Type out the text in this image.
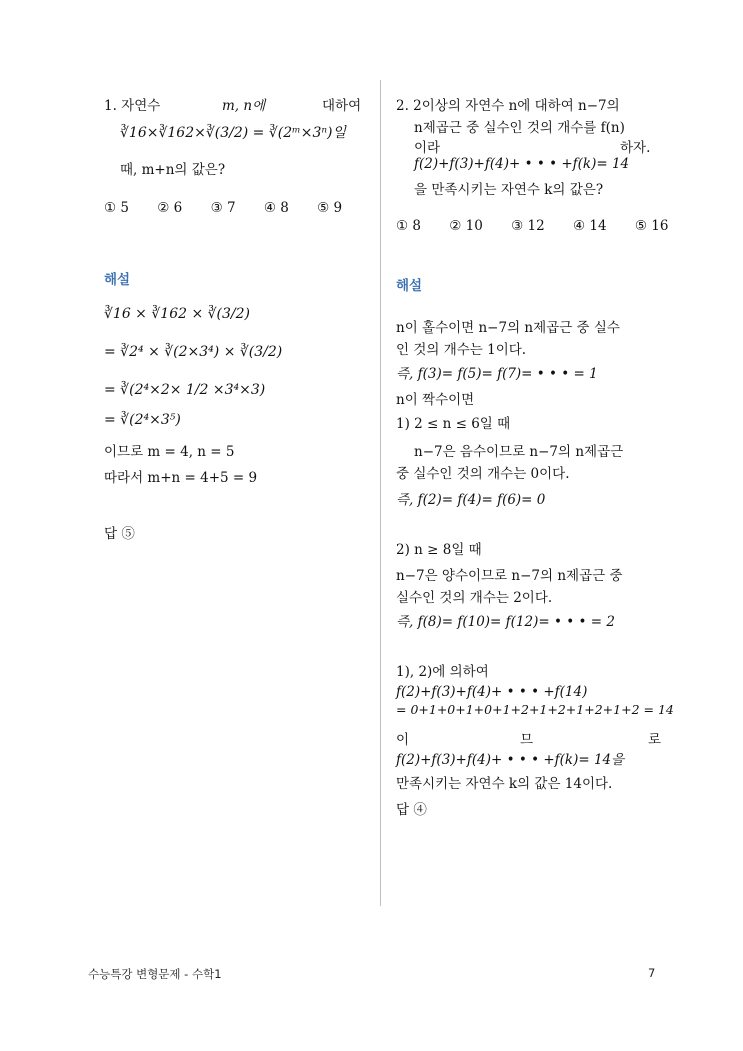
1. 자연수	m, n에	대하여
∛16×∛162×∛(3/2) = ∛(2ᵐ×3ⁿ)일
때, m+n의 값은?
① 5 ② 6 ③ 7 ④ 8 ⑤ 9
해설
∛16 × ∛162 × ∛(3/2)
= ∛2⁴ × ∛(2×3⁴) × ∛(3/2)
= ∛(2⁴×2× 1/2 ×3⁴×3)
= ∛(2⁴×3⁵)
이므로 m = 4, n = 5
따라서 m+n = 4+5 = 9
답 ⑤
2. 2이상의 자연수 n에 대하여 n−7의
n제곱근 중 실수인 것의 개수를 f(n)
이라	하자.
f(2)+f(3)+f(4)+ • • • +f(k)= 14
을 만족시키는 자연수 k의 값은?
① 8 ② 10 ③ 12 ④ 14 ⑤ 16
해설
n이 홀수이면 n−7의 n제곱근 중 실수
인 것의 개수는 1이다.
즉, f(3)= f(5)= f(7)= • • • = 1
n이 짝수이면
1) 2 ≤ n ≤ 6일 때
n−7은 음수이므로 n−7의 n제곱근
중 실수인 것의 개수는 0이다.
즉, f(2)= f(4)= f(6)= 0
2) n ≥ 8일 때
n−7은 양수이므로 n−7의 n제곱근 중
실수인 것의 개수는 2이다.
즉, f(8)= f(10)= f(12)= • • • = 2
1), 2)에 의하여
f(2)+f(3)+f(4)+ • • • +f(14)
= 0+1+0+1+0+1+2+1+2+1+2+1+2 = 14
이	므	로
f(2)+f(3)+f(4)+ • • • +f(k)= 14을
만족시키는 자연수 k의 값은 14이다.
답 ④
수능특강 변형문제 - 수학1	7
